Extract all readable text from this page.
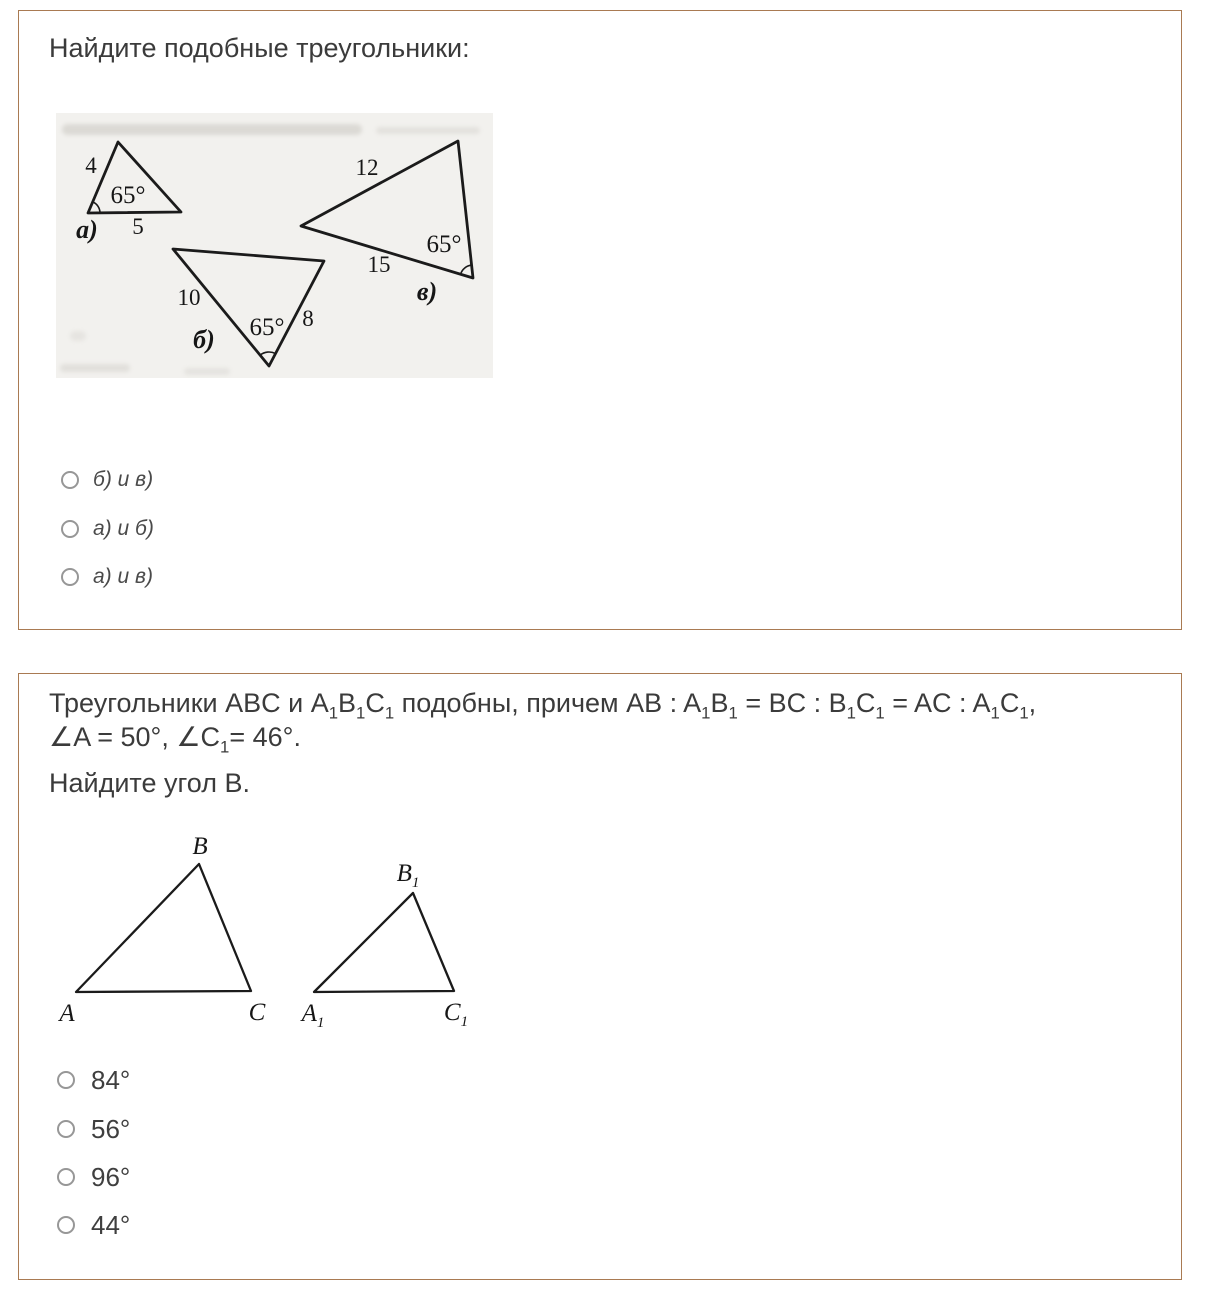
Найдите подобные треугольники:
4
65°
5
а)
10
8
65°
б)
12
65°
15
в)
б) и в)
а) и б)
а) и в)
Треугольники ABC и $A_1B_1C_1$ подобны, причем AB : $A_1B_1$ = BC : $B_1C_1$ = AC : $A_1C_1$,
∠A = 50°, $\angle C_1= 46^\circ$.
Найдите угол B.
B
A	C
$B_1$
$A_1$	$C_1$
84°
56°
96°
44°
